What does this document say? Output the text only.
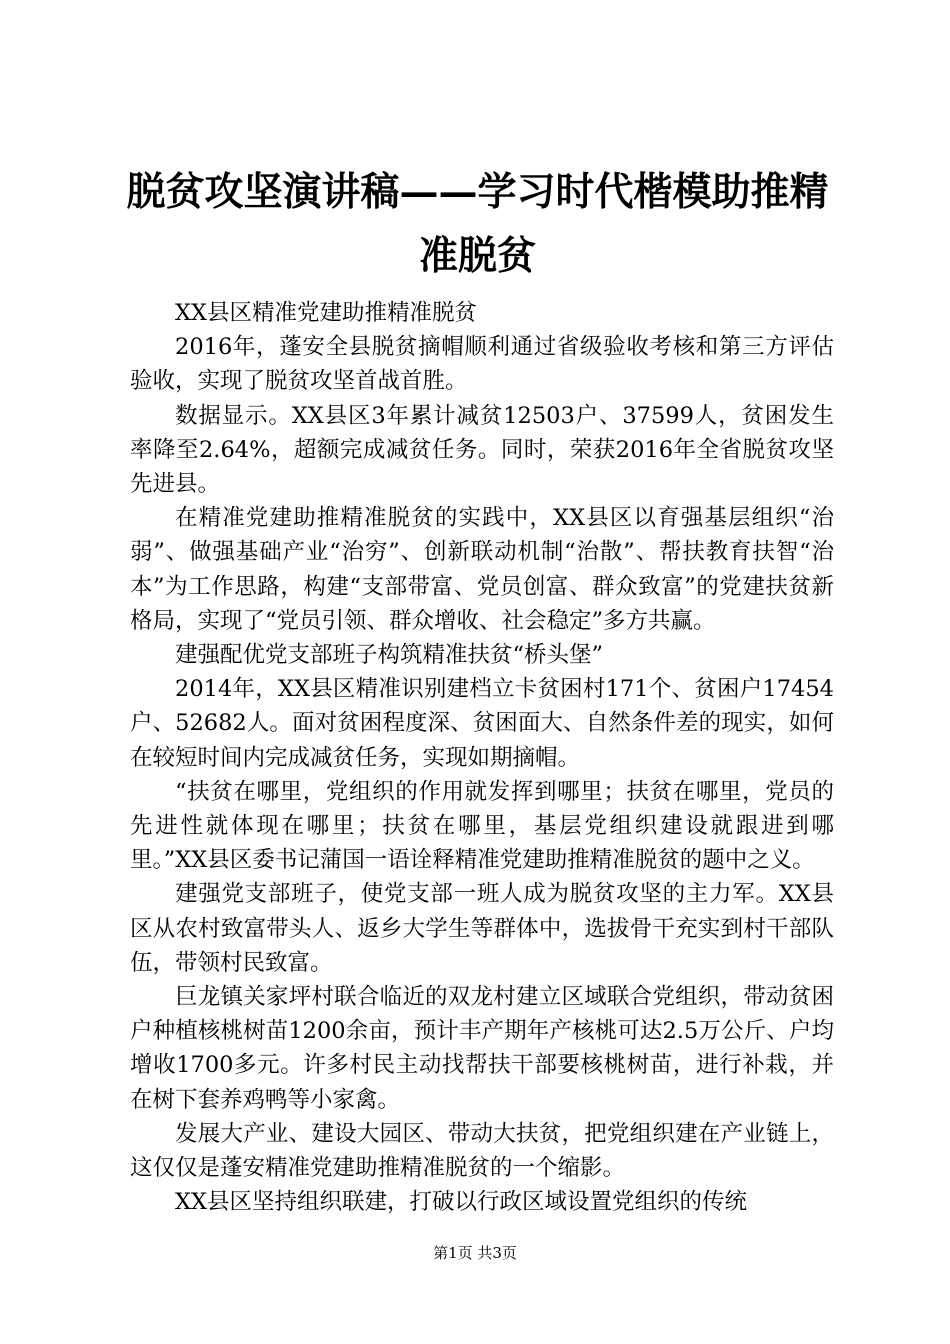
脱贫攻坚演讲稿——学习时代楷模助推精准脱贫

XX县区精准党建助推精准脱贫

2016年，蓬安全县脱贫摘帽顺利通过省级验收考核和第三方评估验收，实现了脱贫攻坚首战首胜。

数据显示。XX县区3年累计减贫12503户、37599人，贫困发生率降至2.64%，超额完成减贫任务。同时，荣获2016年全省脱贫攻坚先进县。

在精准党建助推精准脱贫的实践中，XX县区以育强基层组织“治弱”、做强基础产业“治穷”、创新联动机制“治散”、帮扶教育扶智“治本”为工作思路，构建“支部带富、党员创富、群众致富”的党建扶贫新格局，实现了“党员引领、群众增收、社会稳定”多方共赢。

建强配优党支部班子构筑精准扶贫“桥头堡”

2014年，XX县区精准识别建档立卡贫困村171个、贫困户17454户、52682人。面对贫困程度深、贫困面大、自然条件差的现实，如何在较短时间内完成减贫任务，实现如期摘帽。

“扶贫在哪里，党组织的作用就发挥到哪里；扶贫在哪里，党员的先进性就体现在哪里；扶贫在哪里，基层党组织建设就跟进到哪里。”XX县区委书记蒲国一语诠释精准党建助推精准脱贫的题中之义。

建强党支部班子，使党支部一班人成为脱贫攻坚的主力军。XX县区从农村致富带头人、返乡大学生等群体中，选拔骨干充实到村干部队伍，带领村民致富。

巨龙镇关家坪村联合临近的双龙村建立区域联合党组织，带动贫困户种植核桃树苗1200余亩，预计丰产期年产核桃可达2.5万公斤、户均增收1700多元。许多村民主动找帮扶干部要核桃树苗，进行补栽，并在树下套养鸡鸭等小家禽。

发展大产业、建设大园区、带动大扶贫，把党组织建在产业链上，这仅仅是蓬安精准党建助推精准脱贫的一个缩影。

XX县区坚持组织联建，打破以行政区域设置党组织的传统

第1页 共3页
